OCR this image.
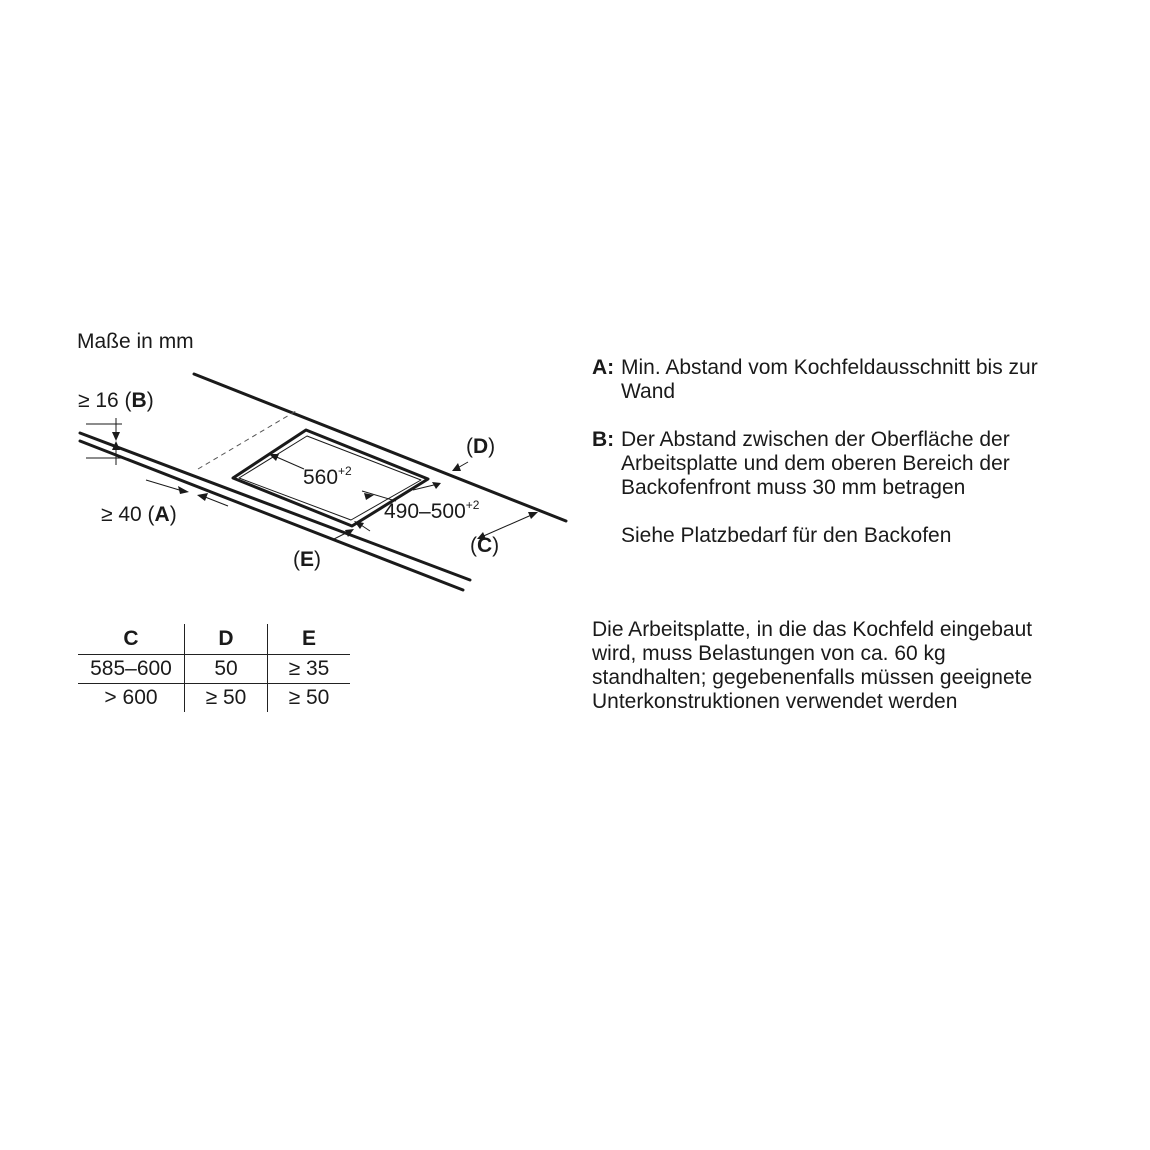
Maße in mm
≥ 16 (B)
≥ 40 (A)
(D)
(C)
(E)
$560^{+2}$
$490-500^{+2}$
C	D	E
585–600	50	≥ 35
> 600	≥ 50	≥ 50
A: Min. Abstand vom Kochfeldausschnitt bis zur Wand
B: Der Abstand zwischen der Oberfläche der Arbeitsplatte und dem oberen Bereich der Backofenfront muss 30 mm betragen
Siehe Platzbedarf für den Backofen
Die Arbeitsplatte, in die das Kochfeld eingebaut wird, muss Belastungen von ca. 60 kg standhalten; gegebenenfalls müssen geeignete Unterkonstruktionen verwendet werden
